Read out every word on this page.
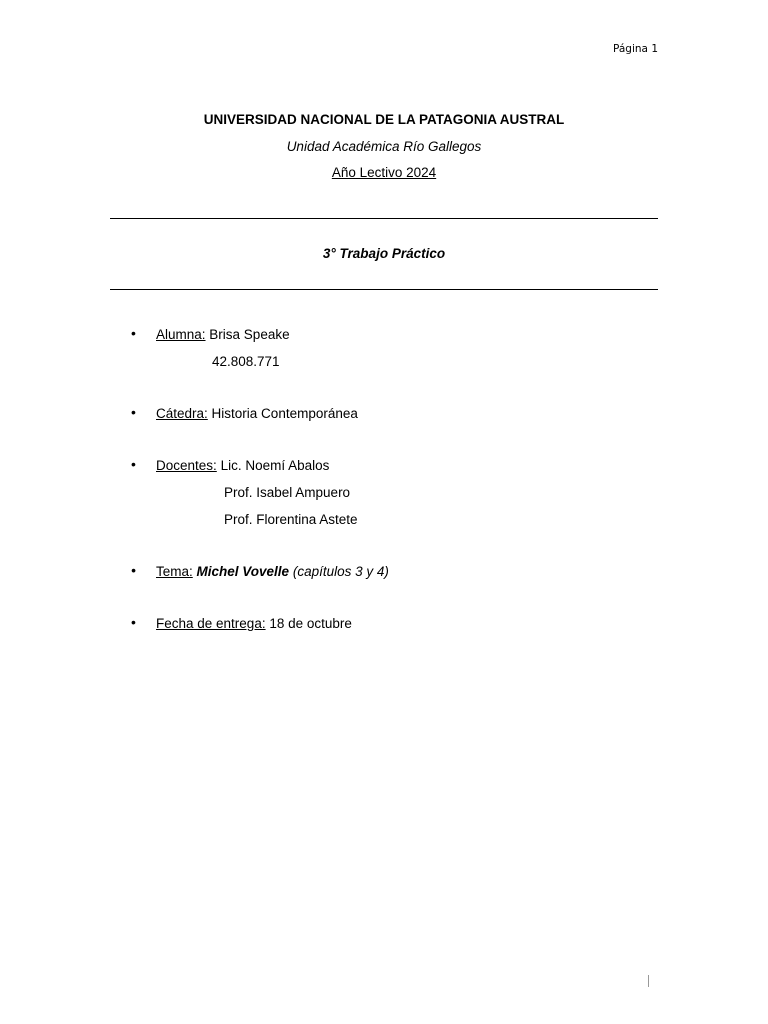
Página 1
UNIVERSIDAD NACIONAL DE LA PATAGONIA AUSTRAL
Unidad Académica Río Gallegos
Año Lectivo 2024
3° Trabajo Práctico
• Alumna: Brisa Speake
42.808.771
• Cátedra: Historia Contemporánea
• Docentes: Lic. Noemí Abalos
Prof. Isabel Ampuero
Prof. Florentina Astete
• Tema: Michel Vovelle (capítulos 3 y 4)
• Fecha de entrega: 18 de octubre
